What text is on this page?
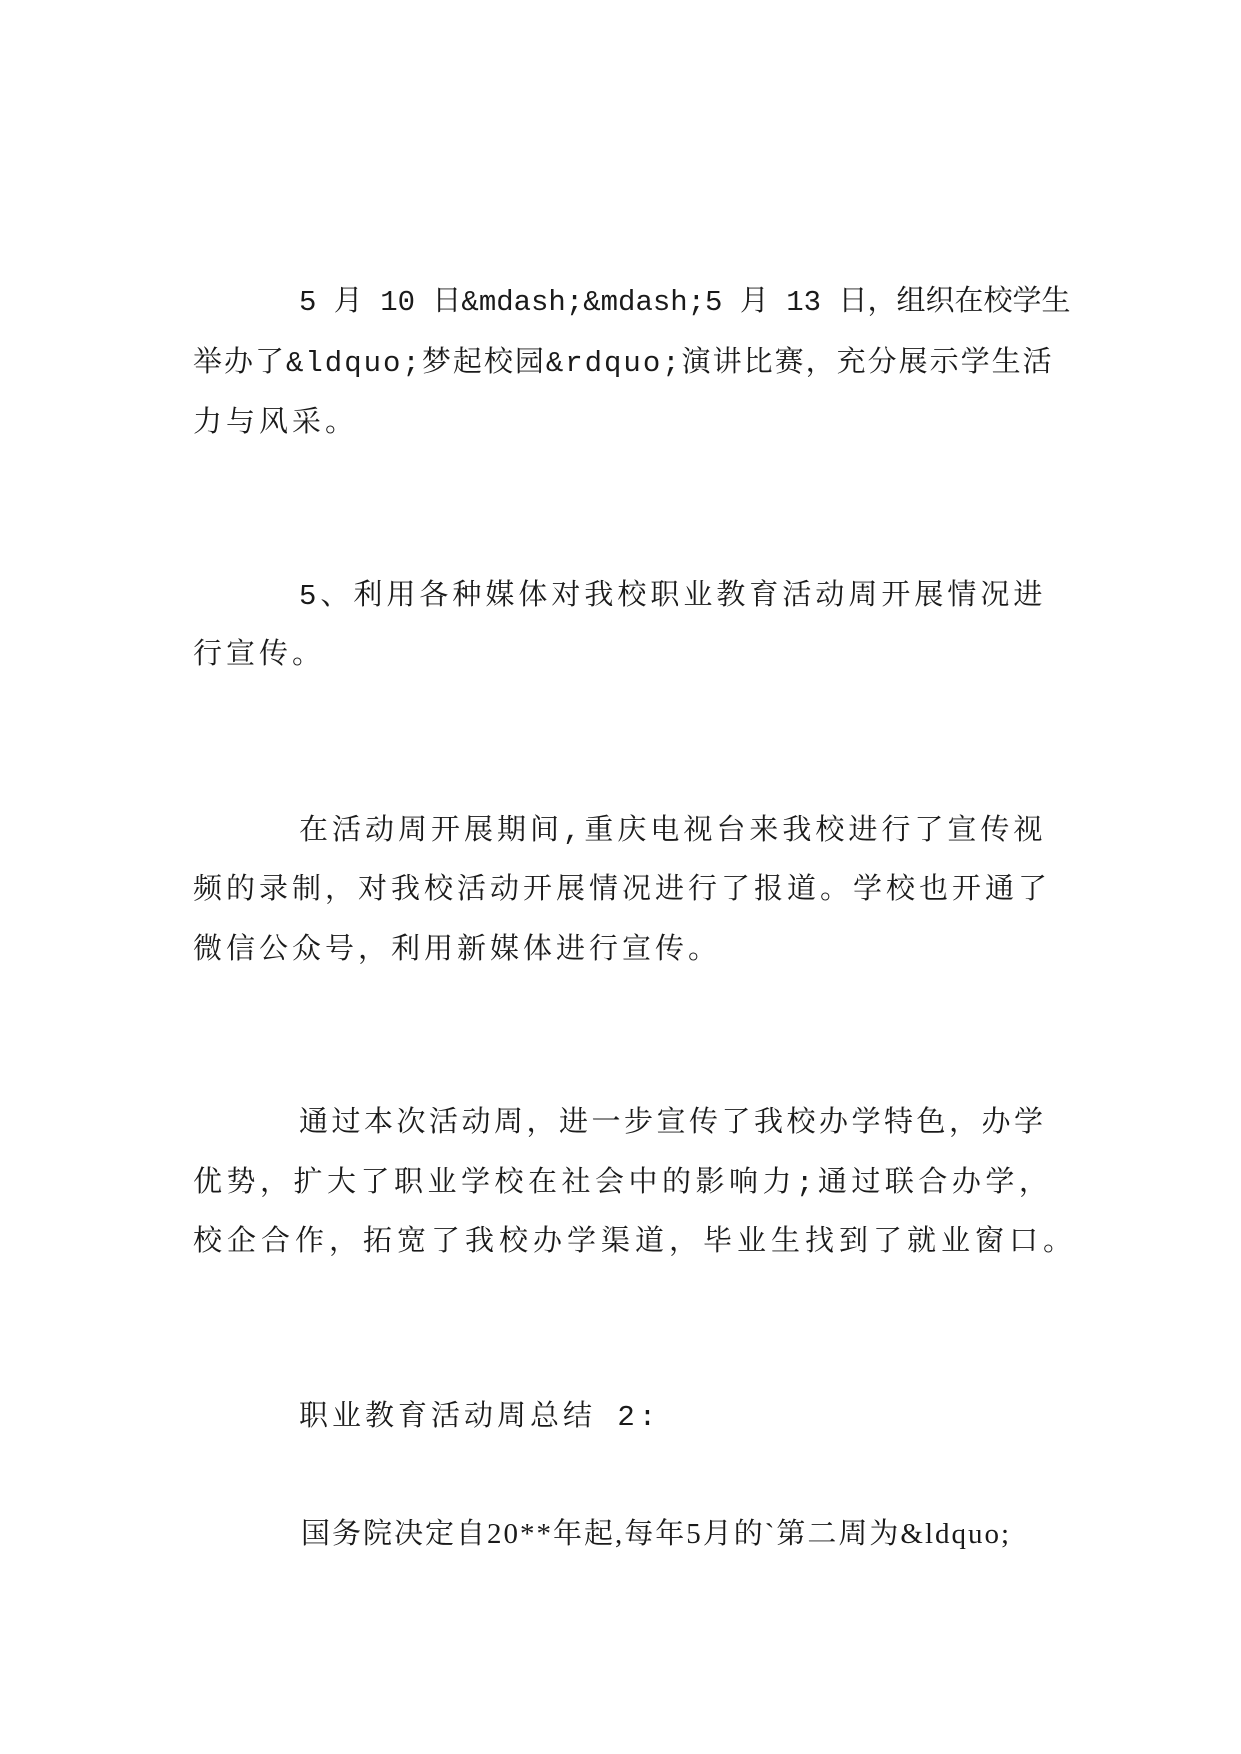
5 月 10 日&mdash;&mdash;5 月 13 日，组织在校学生
举办了&ldquo;梦起校园&rdquo;演讲比赛，充分展示学生活
力与风采。
5、利用各种媒体对我校职业教育活动周开展情况进
行宣传。
在活动周开展期间,重庆电视台来我校进行了宣传视
频的录制，对我校活动开展情况进行了报道。学校也开通了
微信公众号，利用新媒体进行宣传。
通过本次活动周，进一步宣传了我校办学特色，办学
优势，扩大了职业学校在社会中的影响力;通过联合办学，
校企合作，拓宽了我校办学渠道，毕业生找到了就业窗口。
职业教育活动周总结 2:
国务院决定自20**年起,每年5月的`第二周为&ldquo;
